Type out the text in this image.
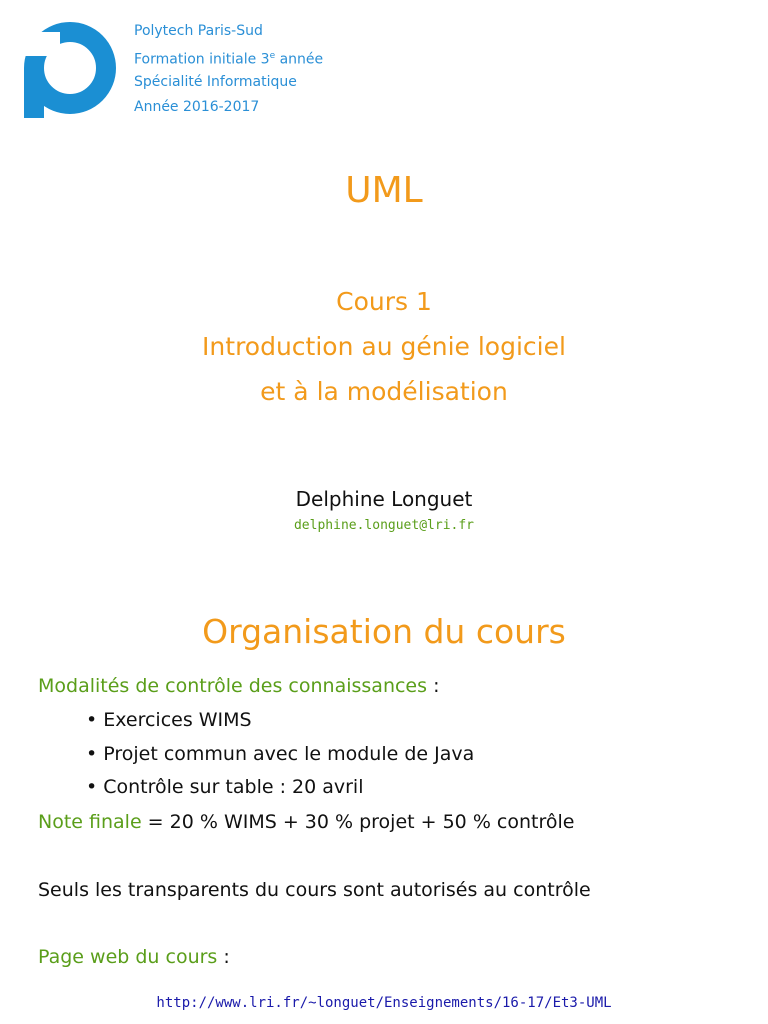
Polytech Paris-Sud
Formation initiale 3e année
Spécialité Informatique
Année 2016-2017
UML
Cours 1
Introduction au génie logiciel
et à la modélisation
Delphine Longuet
delphine.longuet@lri.fr
Organisation du cours
Modalités de contrôle des connaissances :
• Exercices WIMS
• Projet commun avec le module de Java
• Contrôle sur table : 20 avril
Note finale = 20 % WIMS + 30 % projet + 50 % contrôle
Seuls les transparents du cours sont autorisés au contrôle
Page web du cours :
http://www.lri.fr/~longuet/Enseignements/16-17/Et3-UML
